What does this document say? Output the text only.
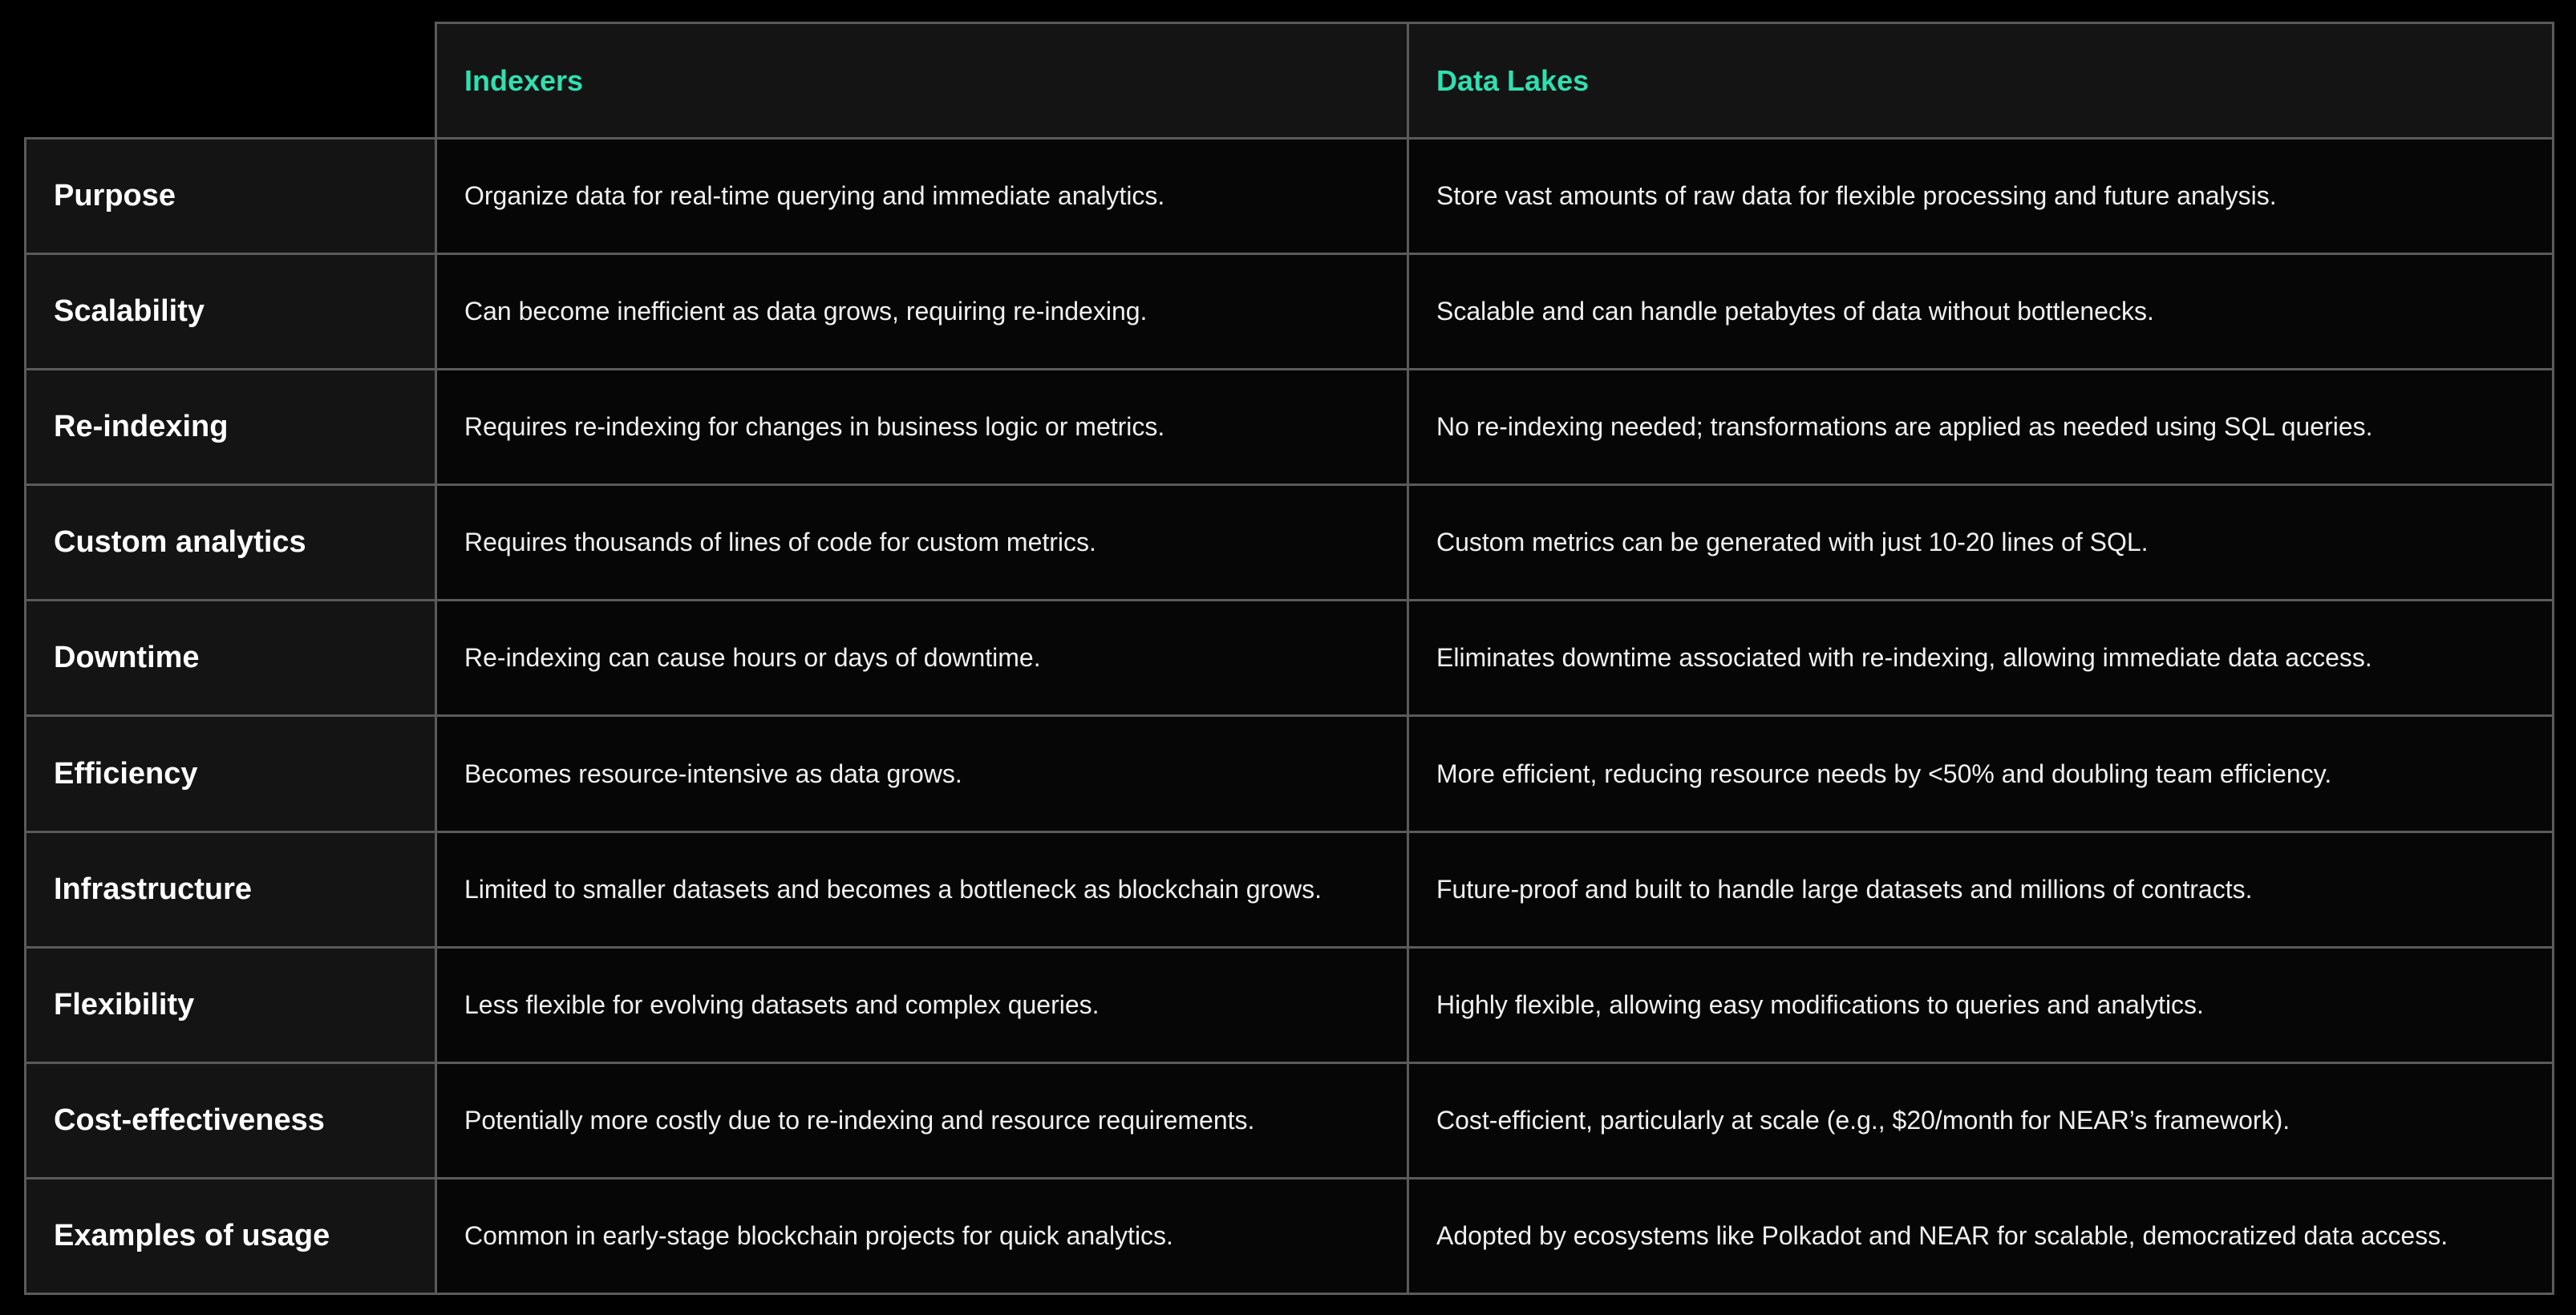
	Indexers	Data Lakes
Purpose	Organize data for real-time querying and immediate analytics.	Store vast amounts of raw data for flexible processing and future analysis.
Scalability	Can become inefficient as data grows, requiring re-indexing.	Scalable and can handle petabytes of data without bottlenecks.
Re-indexing	Requires re-indexing for changes in business logic or metrics.	No re-indexing needed; transformations are applied as needed using SQL queries.
Custom analytics	Requires thousands of lines of code for custom metrics.	Custom metrics can be generated with just 10-20 lines of SQL.
Downtime	Re-indexing can cause hours or days of downtime.	Eliminates downtime associated with re-indexing, allowing immediate data access.
Efficiency	Becomes resource-intensive as data grows.	More efficient, reducing resource needs by <50% and doubling team efficiency.
Infrastructure	Limited to smaller datasets and becomes a bottleneck as blockchain grows.	Future-proof and built to handle large datasets and millions of contracts.
Flexibility	Less flexible for evolving datasets and complex queries.	Highly flexible, allowing easy modifications to queries and analytics.
Cost-effectiveness	Potentially more costly due to re-indexing and resource requirements.	Cost-efficient, particularly at scale (e.g., $20/month for NEAR’s framework).
Examples of usage	Common in early-stage blockchain projects for quick analytics.	Adopted by ecosystems like Polkadot and NEAR for scalable, democratized data access.
